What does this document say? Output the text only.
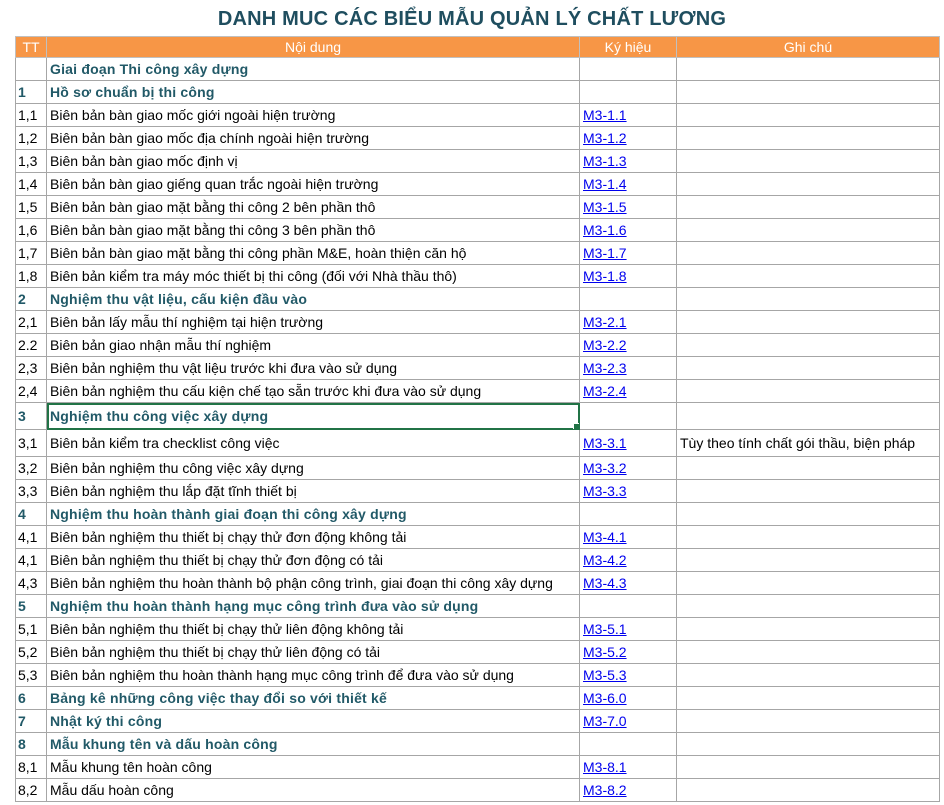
DANH MUC CÁC BIỂU MẪU QUẢN LÝ CHẤT LƯƠNG
TT	Nội dung	Ký hiệu	Ghi chú
	Giai đoạn Thi công xây dựng		
1	Hồ sơ chuẩn bị thi công		
1,1	Biên bản bàn giao mốc giới ngoài hiện trường	M3-1.1	
1,2	Biên bản bàn giao mốc địa chính ngoài hiện trường	M3-1.2	
1,3	Biên bản bàn giao mốc định vị	M3-1.3	
1,4	Biên bản bàn giao giếng quan trắc ngoài hiện trường	M3-1.4	
1,5	Biên bản bàn giao mặt bằng thi công 2 bên phần thô	M3-1.5	
1,6	Biên bản bàn giao mặt bằng thi công 3 bên phần thô	M3-1.6	
1,7	Biên bản bàn giao mặt bằng thi công phần M&E, hoàn thiện căn hộ	M3-1.7	
1,8	Biên bản kiểm tra máy móc thiết bị thi công (đối với Nhà thầu thô)	M3-1.8	
2	Nghiệm thu vật liệu, cấu kiện đầu vào		
2,1	Biên bản lấy mẫu thí nghiệm tại hiện trường	M3-2.1	
2.2	Biên bản giao nhận mẫu thí nghiệm	M3-2.2	
2,3	Biên bản nghiệm thu vật liệu trước khi đưa vào sử dụng	M3-2.3	
2,4	Biên bản nghiệm thu cấu kiện chế tạo sẵn trước khi đưa vào sử dụng	M3-2.4	
3	Nghiệm thu công việc xây dựng

3,1	Biên bản kiểm tra checklist công việc	M3-3.1	Tùy theo tính chất gói thầu, biện pháp

3,2	Biên bản nghiệm thu công việc xây dựng	M3-3.2	
3,3	Biên bản nghiệm thu lắp đặt tĩnh thiết bị	M3-3.3	
4	Nghiệm thu hoàn thành giai đoạn thi công xây dựng		
4,1	Biên bản nghiệm thu thiết bị chạy thử đơn động không tải	M3-4.1	
4,1	Biên bản nghiệm thu thiết bị chạy thử đơn động có tải	M3-4.2	
4,3	Biên bản nghiệm thu hoàn thành bộ phận công trình, giai đoạn thi công xây dựng	M3-4.3	
5	Nghiệm thu hoàn thành hạng mục công trình đưa vào sử dụng		
5,1	Biên bản nghiệm thu thiết bị chạy thử liên động không tải	M3-5.1	
5,2	Biên bản nghiệm thu thiết bị chạy thử liên động có tải	M3-5.2	
5,3	Biên bản nghiệm thu hoàn thành hạng mục công trình để đưa vào sử dụng	M3-5.3	
6	Bảng kê những công việc thay đổi so với thiết kế	M3-6.0	
7	Nhật ký thi công	M3-7.0	
8	Mẫu khung tên và dấu hoàn công		
8,1	Mẫu khung tên hoàn công	M3-8.1	
8,2	Mẫu dấu hoàn công	M3-8.2	
